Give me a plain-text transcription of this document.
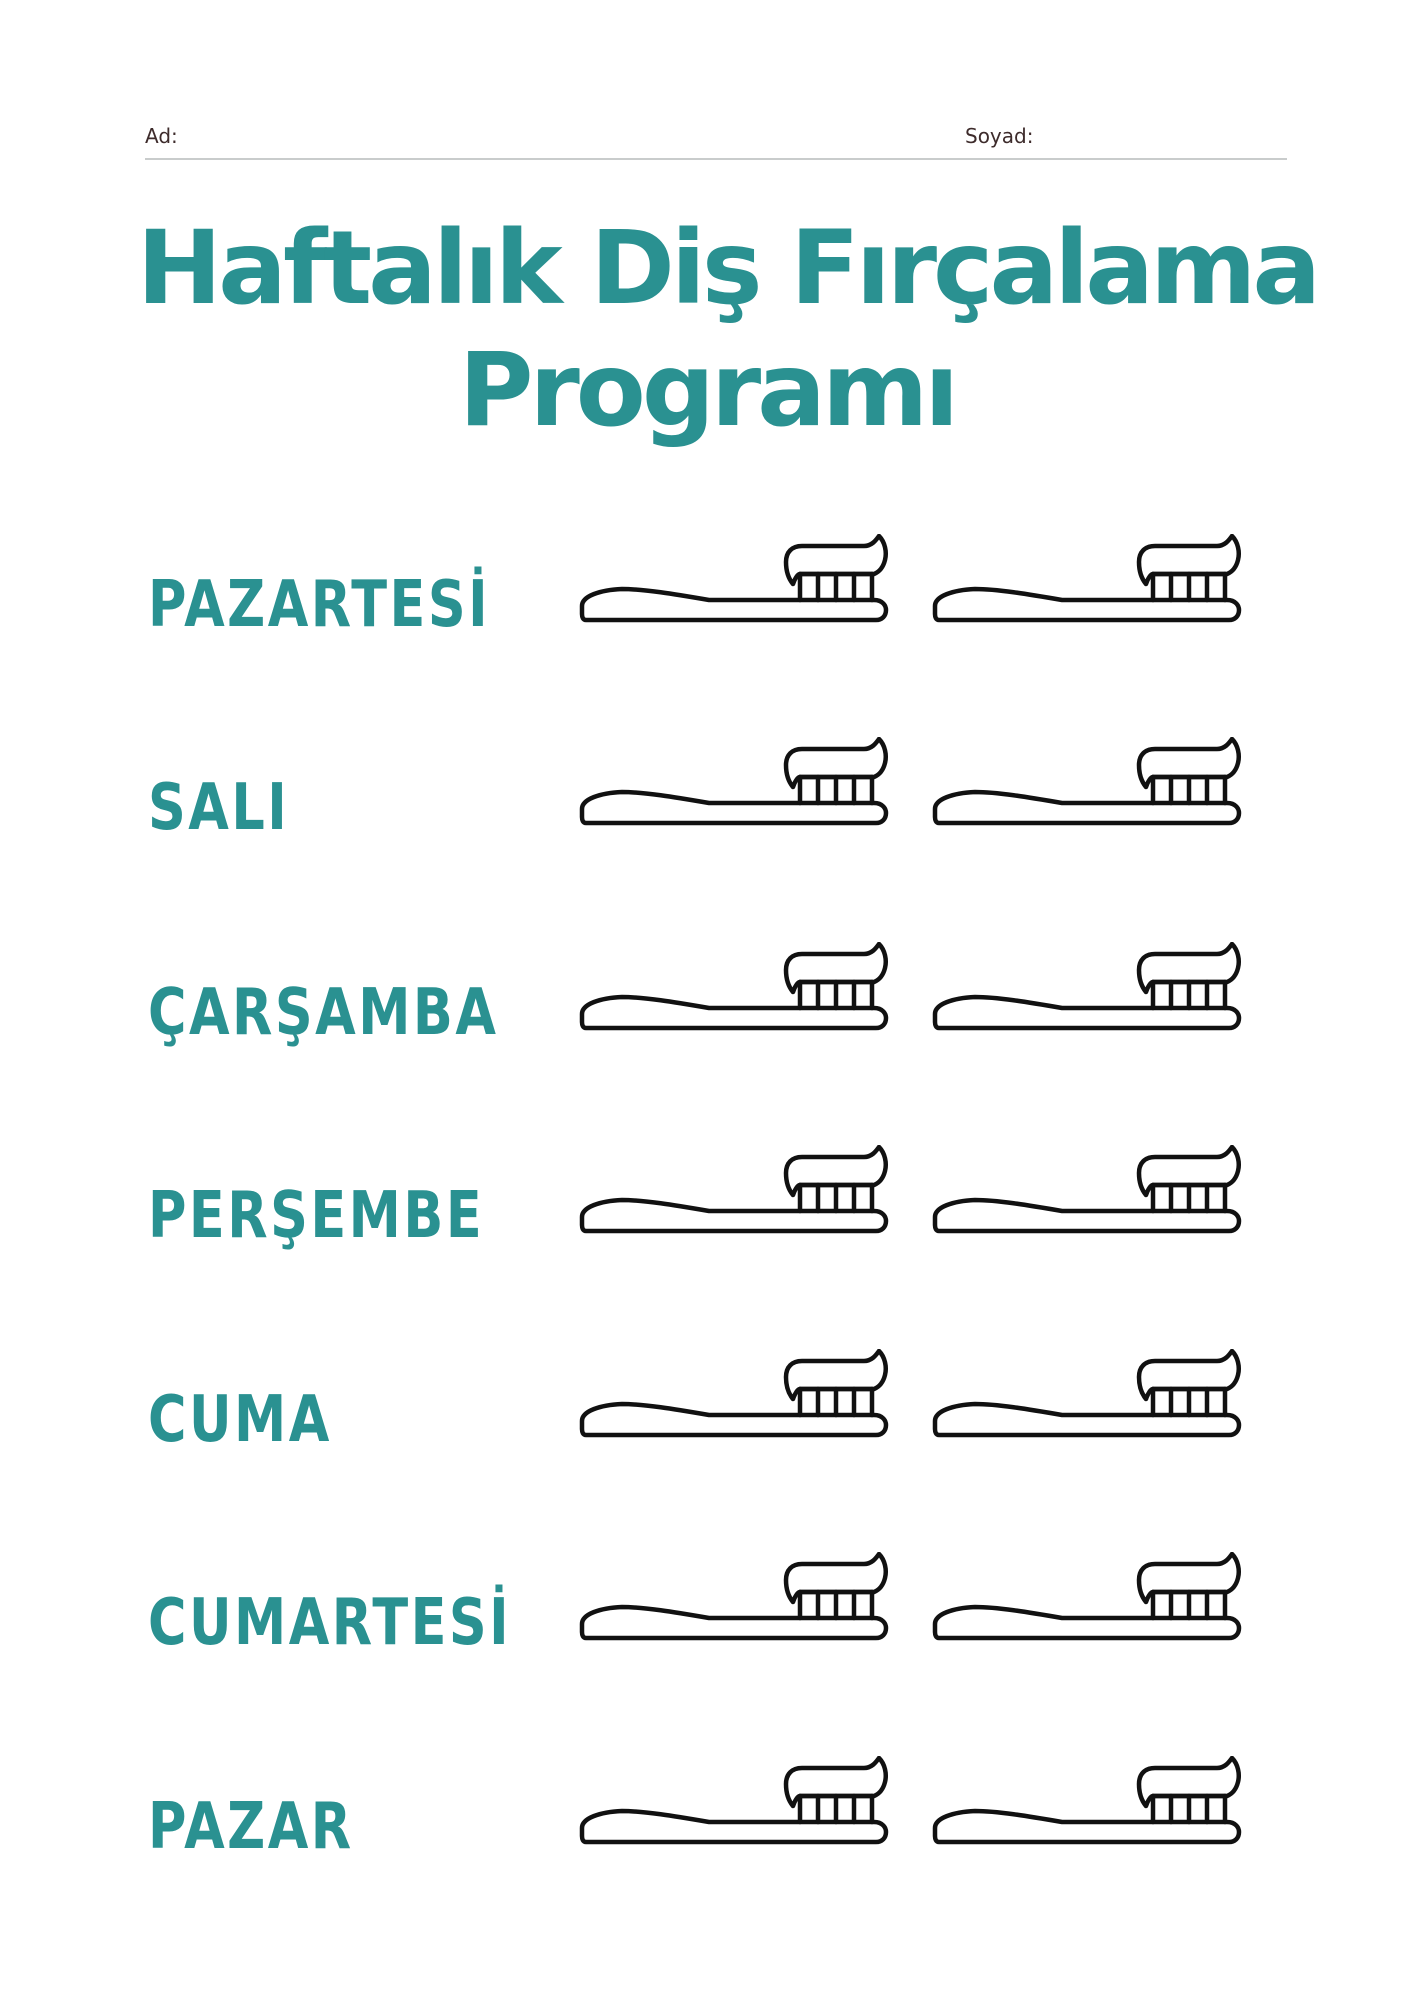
Ad:	Soyad:
Haftalık Diş Fırçalama
Programı
PAZARTESİ
SALI
ÇARŞAMBA
PERŞEMBE
CUMA
CUMARTESİ
PAZAR
